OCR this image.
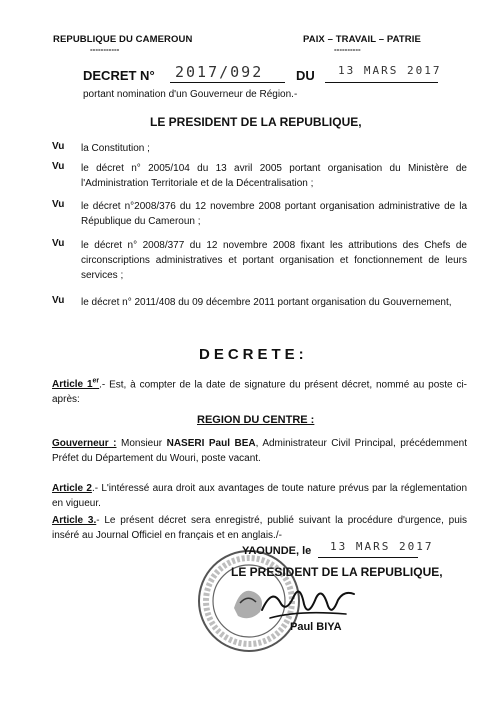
REPUBLIQUE DU CAMEROUN
-----------
PAIX – TRAVAIL – PATRIE
----------
DECRET N° 2017/092	DU 13 MARS 2017
portant nomination d'un Gouverneur de Région.-
LE PRESIDENT DE LA REPUBLIQUE,
Vu la Constitution ;
Vu le décret n° 2005/104 du 13 avril 2005 portant organisation du Ministère de l'Administration Territoriale et de la Décentralisation ;
Vu le décret n°2008/376 du 12 novembre 2008 portant organisation administrative de la République du Cameroun ;
Vu le décret n° 2008/377 du 12 novembre 2008 fixant les attributions des Chefs de circonscriptions administratives et portant organisation et fonctionnement de leurs services ;
Vu le décret n° 2011/408 du 09 décembre 2011 portant organisation du Gouvernement,
DECRETE:
Article 1er.- Est, à compter de la date de signature du présent décret, nommé au poste ci-après:
REGION DU CENTRE :
Gouverneur : Monsieur NASERI Paul BEA, Administrateur Civil Principal, précédemment Préfet du Département du Wouri, poste vacant.
Article 2.- L'intéressé aura droit aux avantages de toute nature prévus par la réglementation en vigueur.
Article 3.- Le présent décret sera enregistré, publié suivant la procédure d'urgence, puis inséré au Journal Officiel en français et en anglais./-
YAOUNDE, le 13 MARS 2017
LE PRESIDENT DE LA REPUBLIQUE,
Paul BIYA
